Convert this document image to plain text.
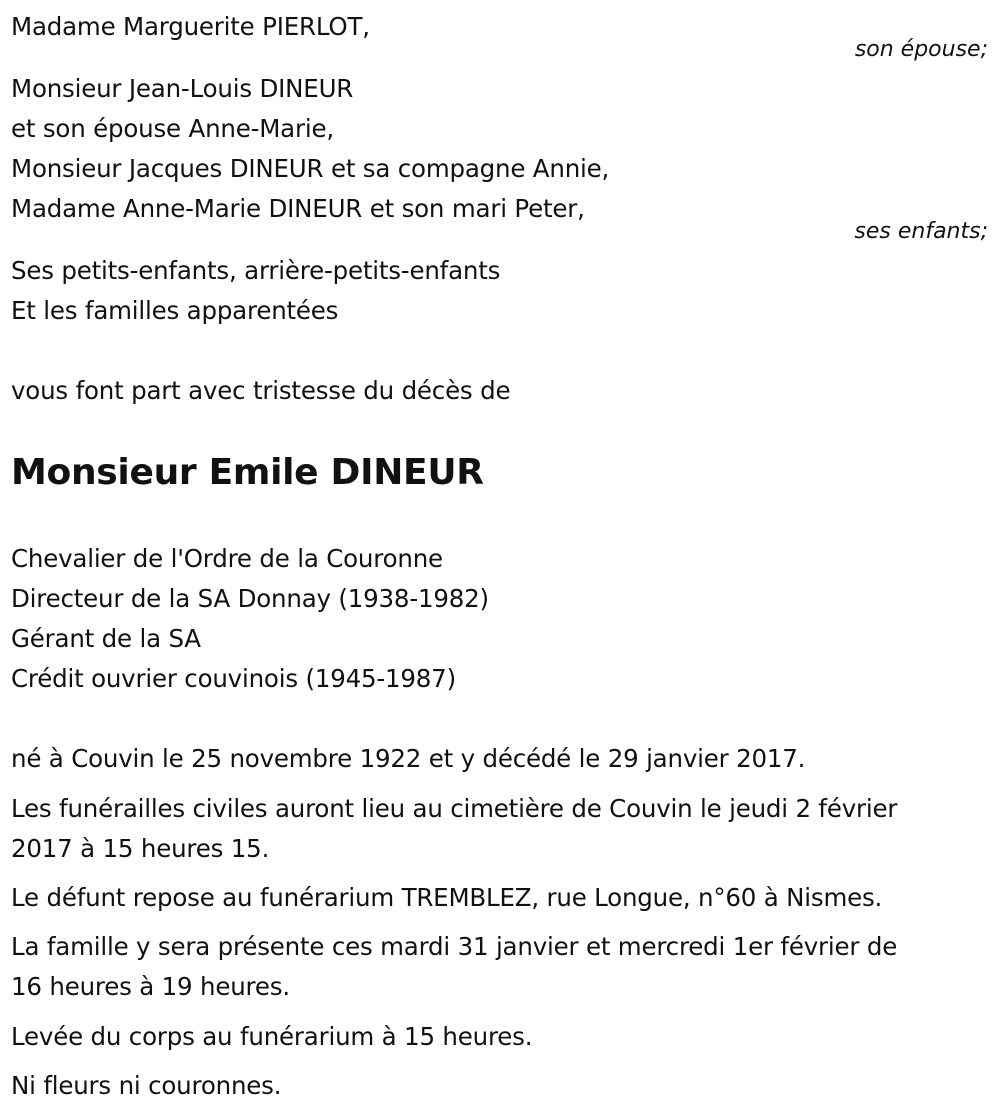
Madame Marguerite PIERLOT,
son épouse;
Monsieur Jean-Louis DINEUR
et son épouse Anne-Marie,
Monsieur Jacques DINEUR et sa compagne Annie,
Madame Anne-Marie DINEUR et son mari Peter,
ses enfants;
Ses petits-enfants, arrière-petits-enfants
Et les familles apparentées
vous font part avec tristesse du décès de
Monsieur Emile DINEUR
Chevalier de l'Ordre de la Couronne
Directeur de la SA Donnay (1938-1982)
Gérant de la SA
Crédit ouvrier couvinois (1945-1987)
né à Couvin le 25 novembre 1922 et y décédé le 29 janvier 2017.
Les funérailles civiles auront lieu au cimetière de Couvin le jeudi 2 février
2017 à 15 heures 15.
Le défunt repose au funérarium TREMBLEZ, rue Longue, n°60 à Nismes.
La famille y sera présente ces mardi 31 janvier et mercredi 1er février de
16 heures à 19 heures.
Levée du corps au funérarium à 15 heures.
Ni fleurs ni couronnes.
